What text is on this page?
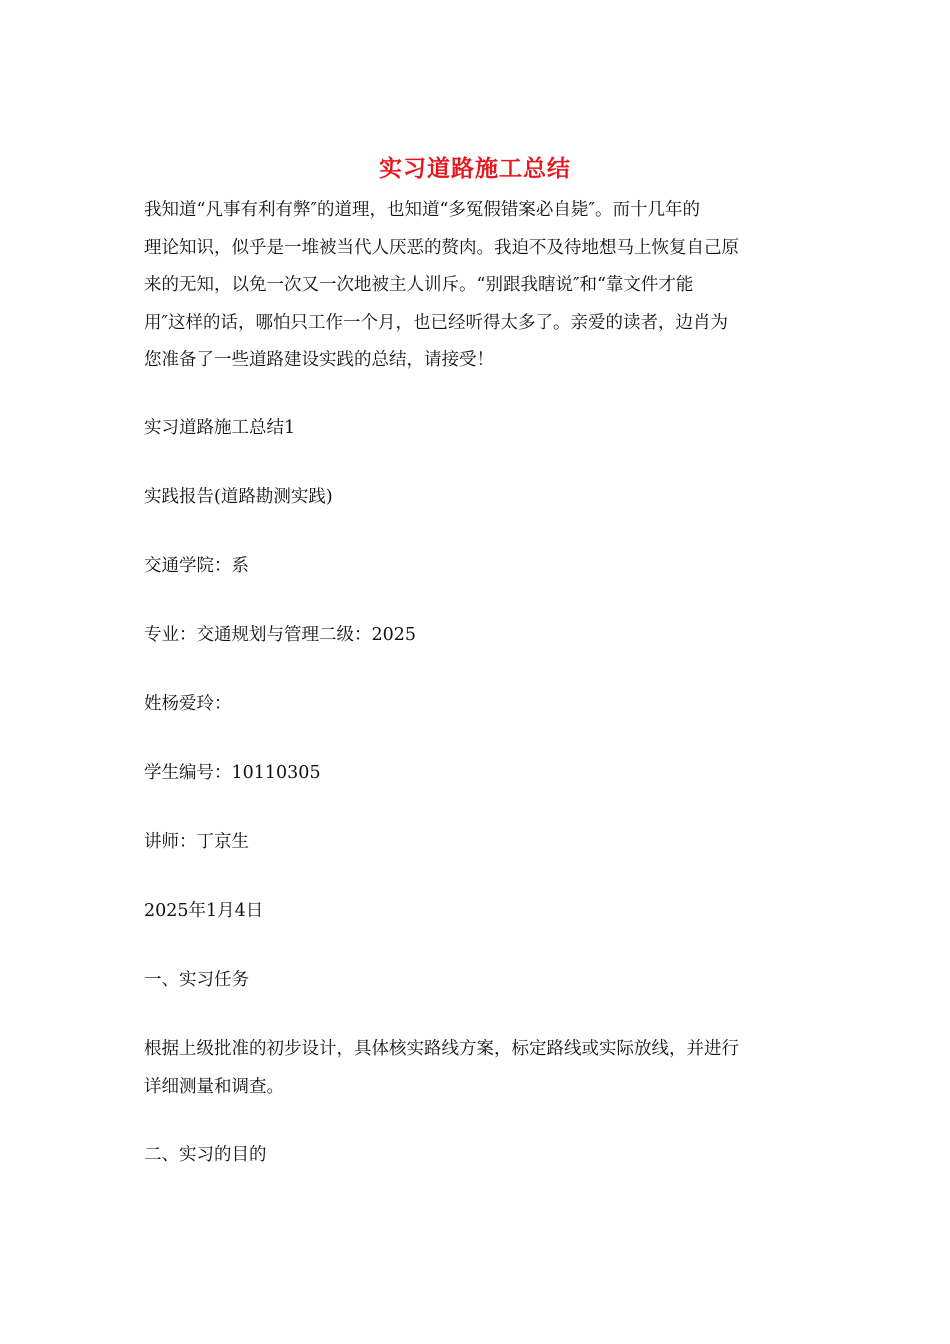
实习道路施工总结
我知道“凡事有利有弊″的道理，也知道“多冤假错案必自毙″。而十几年的
理论知识，似乎是一堆被当代人厌恶的赘肉。我迫不及待地想马上恢复自己原
来的无知，以免一次又一次地被主人训斥。“别跟我瞎说″和“靠文件才能
用″这样的话，哪怕只工作一个月，也已经听得太多了。亲爱的读者，边肖为
您准备了一些道路建设实践的总结，请接受！
实习道路施工总结1
实践报告(道路勘测实践)
交通学院：系
专业：交通规划与管理二级：2025
姓杨爱玲：
学生编号：10110305
讲师：丁京生
2025年1月4日
一、实习任务
根据上级批准的初步设计，具体核实路线方案，标定路线或实际放线，并进行
详细测量和调查。
二、实习的目的
